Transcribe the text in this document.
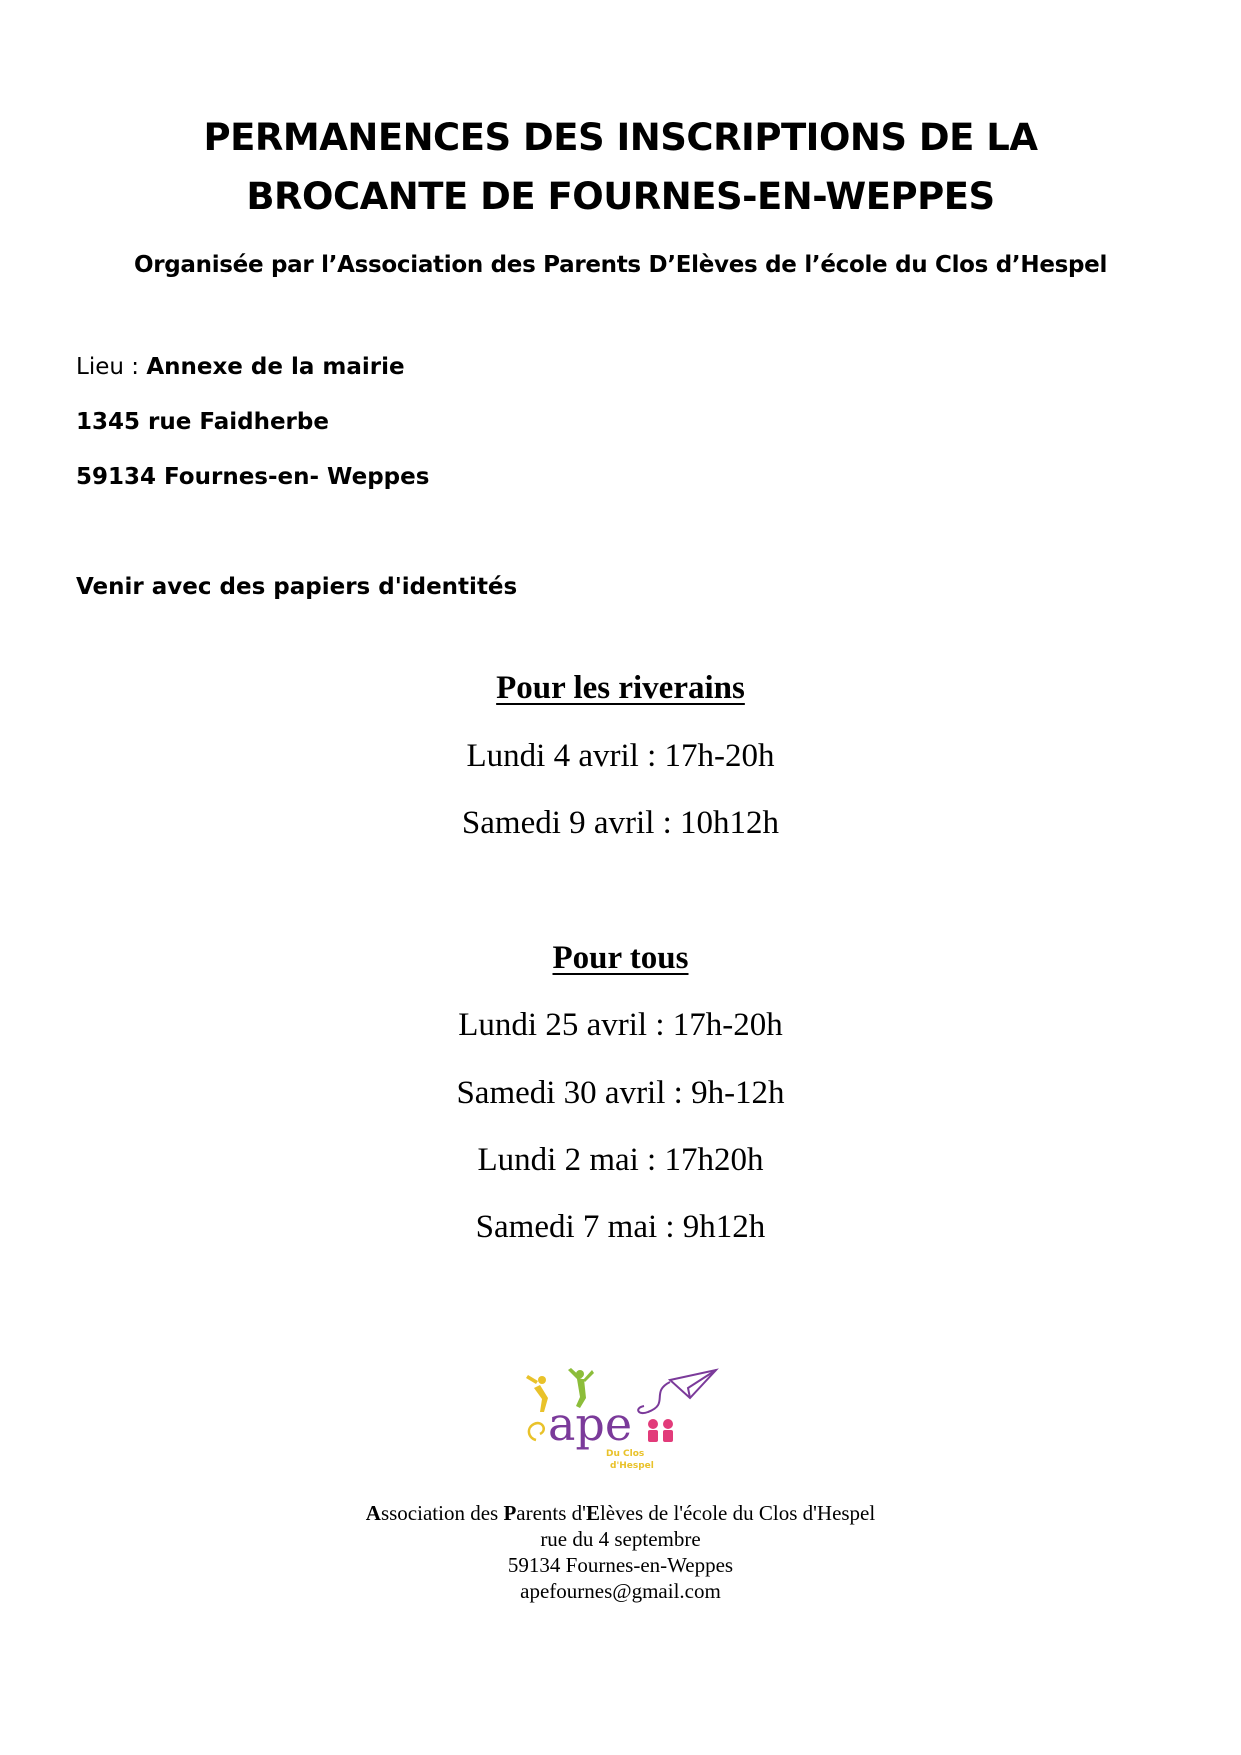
PERMANENCES DES INSCRIPTIONS DE LA
BROCANTE DE FOURNES-EN-WEPPES

Organisée par l’Association des Parents D’Elèves de l’école du Clos d’Hespel

Lieu : Annexe de la mairie
1345 rue Faidherbe
59134 Fournes-en- Weppes
Venir avec des papiers d'identités
Pour les riverains
Lundi 4 avril : 17h-20h
Samedi 9 avril : 10h12h
Pour tous
Lundi 25 avril : 17h-20h
Samedi 30 avril : 9h-12h
Lundi 2 mai : 17h20h
Samedi 7 mai : 9h12h
ape
Du Clos
d'Hespel
Association des Parents d'Elèves de l'école du Clos d'Hespel
rue du 4 septembre
59134 Fournes-en-Weppes
apefournes@gmail.com
